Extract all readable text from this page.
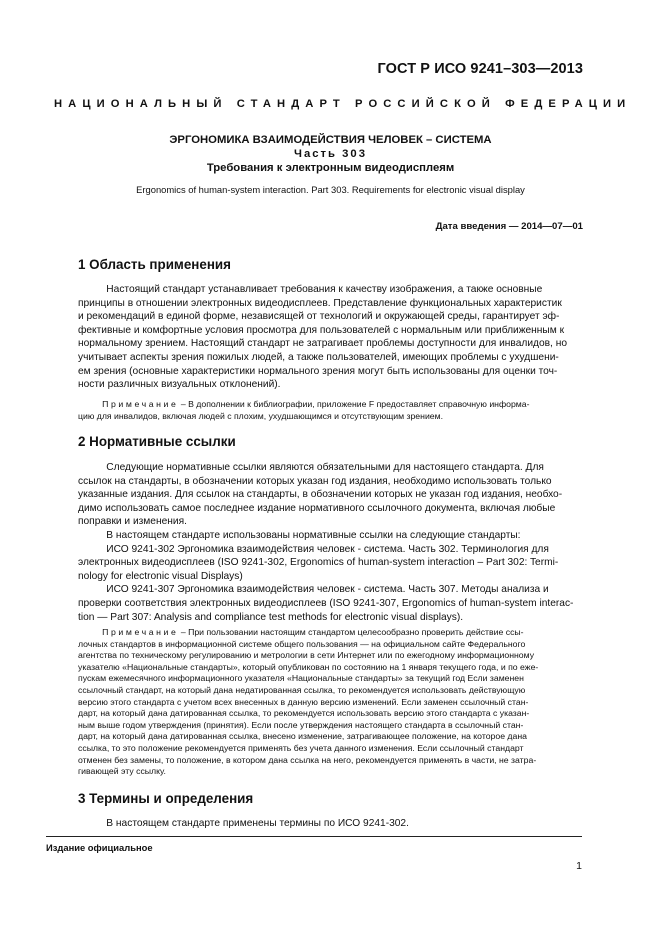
ГОСТ Р ИСО 9241–303—2013
НАЦИОНАЛЬНЫЙ СТАНДАРТ РОССИЙСКОЙ ФЕДЕРАЦИИ
ЭРГОНОМИКА ВЗАИМОДЕЙСТВИЯ ЧЕЛОВЕК – СИСТЕМА
Часть 303
Требования к электронным видеодисплеям
Ergonomics of human-system interaction. Part 303. Requirements for electronic visual display
Дата введения — 2014—07—01
1 Область применения
Настоящий стандарт устанавливает требования к качеству изображения, а также основные
принципы в отношении электронных видеодисплеев. Представление функциональных характеристик
и рекомендаций в единой форме, независящей от технологий и окружающей среды, гарантирует эф-
фективные и комфортные условия просмотра для пользователей с нормальным или приближенным к
нормальному зрением. Настоящий стандарт не затрагивает проблемы доступности для инвалидов, но
учитывает аспекты зрения пожилых людей, а также пользователей, имеющих проблемы с ухудшени-
ем зрения (основные характеристики нормального зрения могут быть использованы для оценки точ-
ности различных визуальных отклонений).
Примечание – В дополнении к библиографии, приложение F предоставляет справочную информа-
цию для инвалидов, включая людей с плохим, ухудшающимся и отсутствующим зрением.
2 Нормативные ссылки
Следующие нормативные ссылки являются обязательными для настоящего стандарта. Для
ссылок на стандарты, в обозначении которых указан год издания, необходимо использовать только
указанные издания. Для ссылок на стандарты, в обозначении которых не указан год издания, необхо-
димо использовать самое последнее издание нормативного ссылочного документа, включая любые
поправки и изменения.
В настоящем стандарте использованы нормативные ссылки на следующие стандарты:
ИСО 9241-302 Эргономика взаимодействия человек - система. Часть 302. Терминология для
электронных видеодисплеев (ISO 9241-302, Ergonomics of human-system interaction – Part 302: Termi-
nology for electronic visual Displays)
ИСО 9241-307 Эргономика взаимодействия человек - система. Часть 307. Методы анализа и
проверки соответствия электронных видеодисплеев (ISO 9241-307, Ergonomics of human-system interac-
tion — Part 307: Analysis and compliance test methods for electronic visual displays).
Примечание – При пользовании настоящим стандартом целесообразно проверить действие ссы-
лочных стандартов в информационной системе общего пользования — на официальном сайте Федерального
агентства по техническому регулированию и метрологии в сети Интернет или по ежегодному информационному
указателю «Национальные стандарты», который опубликован по состоянию на 1 января текущего года, и по еже-
пускам ежемесячного информационного указателя «Национальные стандарты» за текущий год Если заменен
ссылочный стандарт, на который дана недатированная ссылка, то рекомендуется использовать действующую
версию этого стандарта с учетом всех внесенных в данную версию изменений. Если заменен ссылочный стан-
дарт, на который дана датированная ссылка, то рекомендуется использовать версию этого стандарта с указан-
ным выше годом утверждения (принятия). Если после утверждения настоящего стандарта в ссылочный стан-
дарт, на который дана датированная ссылка, внесено изменение, затрагивающее положение, на которое дана
ссылка, то это положение рекомендуется применять без учета данного изменения. Если ссылочный стандарт
отменен без замены, то положение, в котором дана ссылка на него, рекомендуется применять в части, не затра-
гивающей эту ссылку.
3 Термины и определения
В настоящем стандарте применены термины по ИСО 9241-302.
Издание официальное
1
